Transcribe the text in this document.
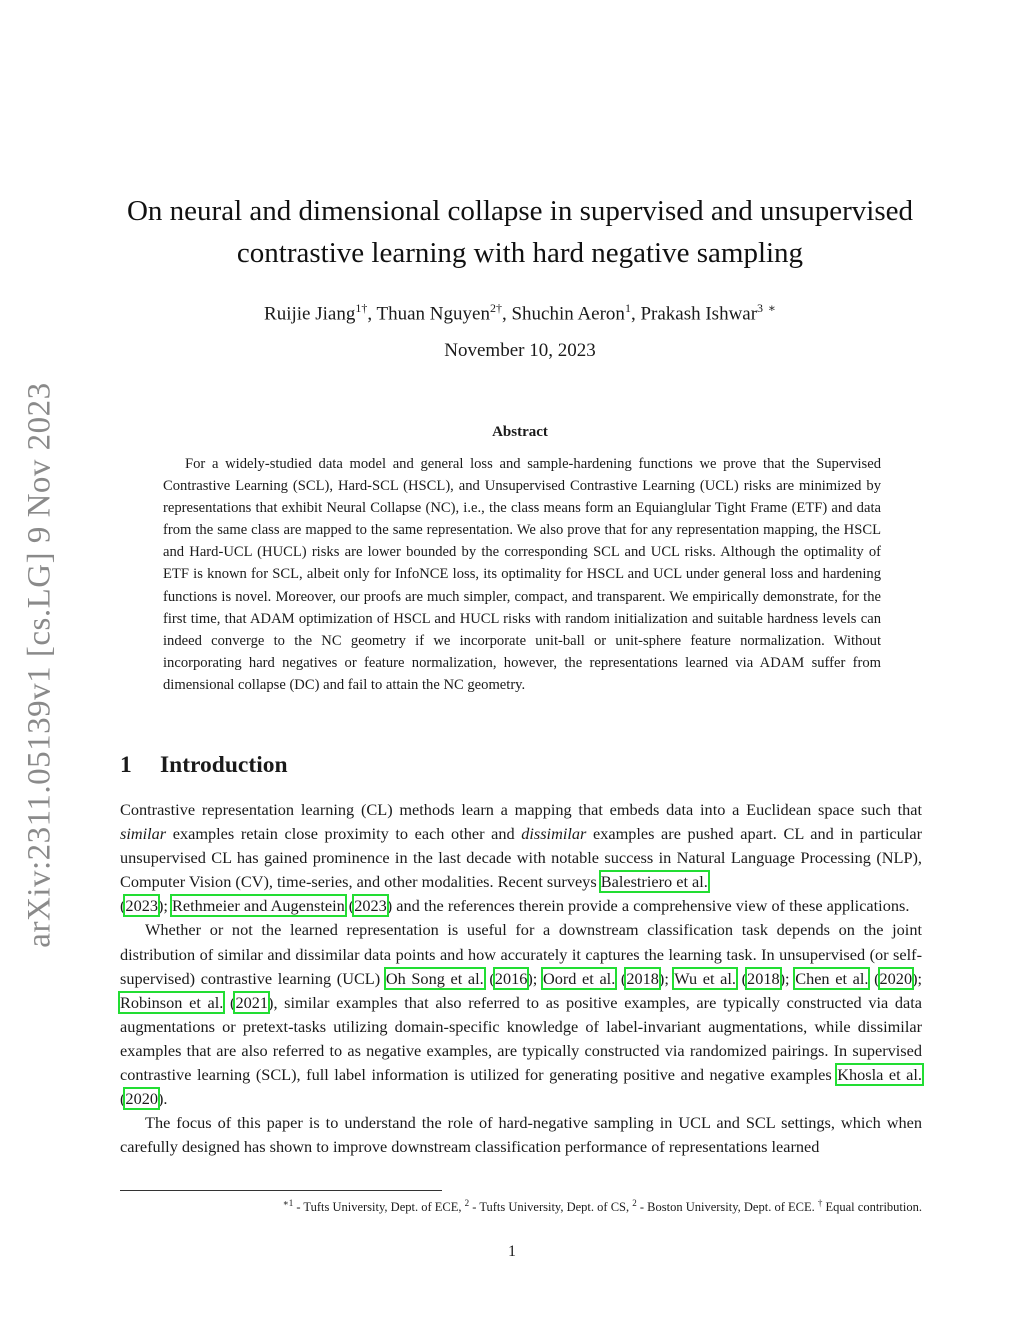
arXiv:2311.05139v1 [cs.LG] 9 Nov 2023
On neural and dimensional collapse in supervised and unsupervised
contrastive learning with hard negative sampling
Ruijie Jiang$^{1\dagger}$, Thuan Nguyen$^{2\dagger}$, Shuchin Aeron$^1$, Prakash Ishwar$^3$ ∗
November 10, 2023
Abstract

For a widely-studied data model and general loss and sample-hardening functions we prove that the Supervised Contrastive Learning (SCL), Hard-SCL (HSCL), and Unsupervised Contrastive Learning (UCL) risks are minimized by representations that exhibit Neural Collapse (NC), i.e., the class means form an Equianglular Tight Frame (ETF) and data from the same class are mapped to the same representation. We also prove that for any representation mapping, the HSCL and Hard-UCL (HUCL) risks are lower bounded by the corresponding SCL and UCL risks. Although the optimality of ETF is known for SCL, albeit only for InfoNCE loss, its optimality for HSCL and UCL under general loss and hardening functions is novel. Moreover, our proofs are much simpler, compact, and transparent. We empirically demonstrate, for the first time, that ADAM optimization of HSCL and HUCL risks with random initialization and suitable hardness levels can indeed converge to the NC geometry if we incorporate unit-ball or unit-sphere feature normalization. Without incorporating hard negatives or feature normalization, however, the representations learned via ADAM suffer from dimensional collapse (DC) and fail to attain the NC geometry.

1 Introduction

Contrastive representation learning (CL) methods learn a mapping that embeds data into a Euclidean space such that similar examples retain close proximity to each other and dissimilar examples are pushed apart. CL and in particular unsupervised CL has gained prominence in the last decade with notable success in Natural Language Processing (NLP), Computer Vision (CV), time-series, and other modalities. Recent surveys Balestriero et al.
(2023); Rethmeier and Augenstein (2023) and the references therein provide a comprehensive view of these applications.

Whether or not the learned representation is useful for a downstream classification task depends on the joint distribution of similar and dissimilar data points and how accurately it captures the learning task. In unsupervised (or self-supervised) contrastive learning (UCL) Oh Song et al. (2016); Oord et al. (2018); Wu et al. (2018); Chen et al. (2020); Robinson et al. (2021), similar examples that also referred to as positive examples, are typically constructed via data augmentations or pretext-tasks utilizing domain-specific knowledge of label-invariant augmentations, while dissimilar examples that are also referred to as negative examples, are typically constructed via randomized pairings. In supervised contrastive learning (SCL), full label information is utilized for generating positive and negative examples Khosla et al. (2020).

The focus of this paper is to understand the role of hard-negative sampling in UCL and SCL settings, which when carefully designed has shown to improve downstream classification performance of representations learned

$^{∗1}$ - Tufts University, Dept. of ECE, $^2$ - Tufts University, Dept. of CS, $^2$ - Boston University, Dept. of ECE. † Equal contribution.
1
